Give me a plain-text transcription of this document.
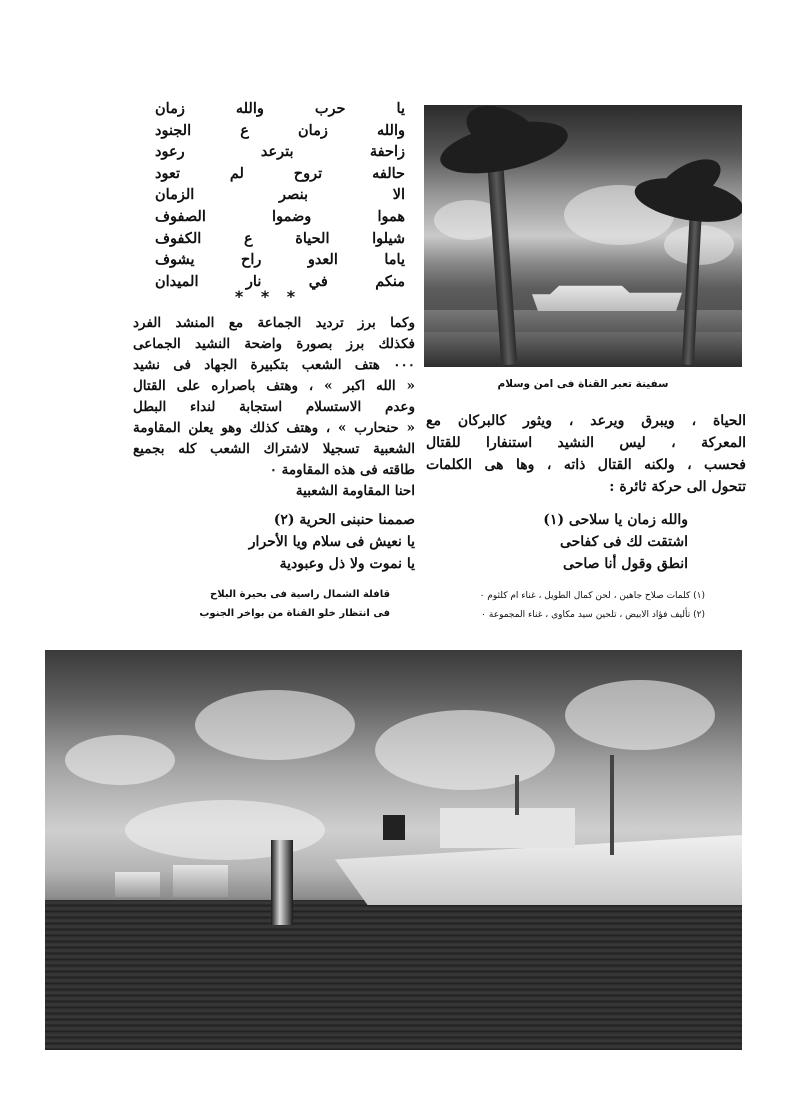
يا حرب والله زمان
والله زمان ع الجنود
زاحفة بترعد رعود
حالفه تروح لم تعود
الا بنصر الزمان
هموا وضموا الصفوف
شيلوا الحياة ع الكفوف
ياما العدو راح يشوف
منكم في نار الميدان
* * *
وكما برز ترديد الجماعة مع المنشد الفرد
فكذلك برز بصورة واضحة النشيد الجماعى
٠٠٠ هتف الشعب بتكبيرة الجهاد فى نشيد
« الله اكبر » ، وهتف باصراره على القتال
وعدم الاستسلام استجابة لنداء البطل
« حنحارب » ، وهتف كذلك وهو يعلن المقاومة
الشعبية تسجيلا لاشتراك الشعب كله بجميع
طاقته فى هذه المقاومة ٠
احنا المقاومة الشعبية
سفينة تعبر القناة فى امن وسلام
الحياة ، ويبرق ويرعد ، ويثور كالبركان مع
المعركة ، ليس النشيد استنفارا للقتال
فحسب ، ولكنه القتال ذاته ، وها هى الكلمات
تتحول الى حركة ثائرة :
والله زمان يا سلاحى (١)
اشتقت لك فى كفاحى
انطق وقول أنا صاحى
صممنا حنبنى الحرية (٢)
يا نعيش فى سلام ويا الأحرار
يا نموت ولا ذل وعبودية
قافلة الشمال راسية فى بحيرة البلاح
فى انتظار خلو القناة من بواخر الجنوب
(١) كلمات صلاح جاهين ، لحن كمال الطويل ، غناء ام كلثوم ٠
(٢) تأليف فؤاد الابيض ، تلحين سيد مكاوى ، غناء المجموعة ٠
